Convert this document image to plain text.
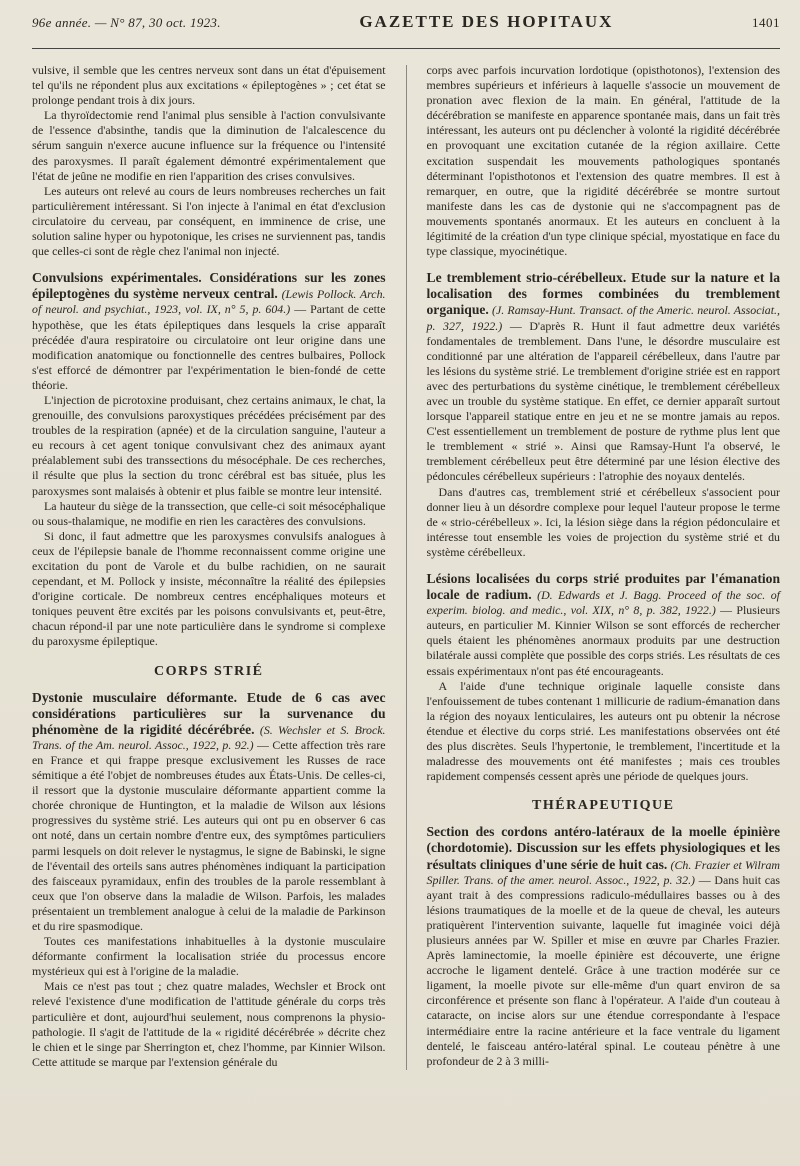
96e année. — N° 87, 30 oct. 1923.	GAZETTE DES HOPITAUX	1401

vulsive, il semble que les centres nerveux sont dans un état d'épuisement tel qu'ils ne répondent plus aux excitations « épileptogènes » ; cet état se prolonge pendant trois à dix jours.

La thyroïdectomie rend l'animal plus sensible à l'action convulsivante de l'essence d'absinthe, tandis que la diminution de l'alcalescence du sérum sanguin n'exerce aucune influence sur la fréquence ou l'intensité des paroxysmes. Il paraît également démontré expérimentalement que l'état de jeûne ne modifie en rien l'apparition des crises convulsives.

Les auteurs ont relevé au cours de leurs nombreuses recherches un fait particulièrement intéressant. Si l'on injecte à l'animal en état d'exclusion circulatoire du cerveau, par conséquent, en imminence de crise, une solution saline hyper ou hypotonique, les crises ne surviennent pas, tandis que celles-ci sont de règle chez l'animal non injecté.

Convulsions expérimentales. Considérations sur les zones épileptogènes du système nerveux central. (Lewis Pollock. Arch. of neurol. and psychiat., 1923, vol. IX, n° 5, p. 604.) — Partant de cette hypothèse, que les états épileptiques dans lesquels la crise apparaît précédée d'aura respiratoire ou circulatoire ont leur origine dans une modification anatomique ou fonctionnelle des centres bulbaires, Pollock s'est efforcé de démontrer par l'expérimentation le bien-fondé de cette théorie.

L'injection de picrotoxine produisant, chez certains animaux, le chat, la grenouille, des convulsions paroxystiques précédées précisément par des troubles de la respiration (apnée) et de la circulation sanguine, l'auteur a eu recours à cet agent tonique convulsivant chez des animaux ayant préalablement subi des transsections du mésocéphale. De ces recherches, il résulte que plus la section du tronc cérébral est bas située, plus les paroxysmes sont malaisés à obtenir et plus faible se montre leur intensité.

La hauteur du siège de la transsection, que celle-ci soit mésocéphalique ou sous-thalamique, ne modifie en rien les caractères des convulsions.

Si donc, il faut admettre que les paroxysmes convulsifs analogues à ceux de l'épilepsie banale de l'homme reconnaissent comme origine une excitation du pont de Varole et du bulbe rachidien, on ne saurait cependant, et M. Pollock y insiste, méconnaître la réalité des épilepsies d'origine corticale. De nombreux centres encéphaliques moteurs et toniques peuvent être excités par les poisons convulsivants et, peut-être, chacun répond-il par une note particulière dans le syndrome si complexe du paroxysme épileptique.

CORPS STRIÉ

Dystonie musculaire déformante. Etude de 6 cas avec considérations particulières sur la survenance du phénomène de la rigidité décérébrée. (S. Wechsler et S. Brock. Trans. of the Am. neurol. Assoc., 1922, p. 92.) — Cette affection très rare en France et qui frappe presque exclusivement les Russes de race sémitique a été l'objet de nombreuses études aux États-Unis. De celles-ci, il ressort que la dystonie musculaire déformante appartient comme la chorée chronique de Huntington, et la maladie de Wilson aux lésions progressives du système strié. Les auteurs qui ont pu en observer 6 cas ont noté, dans un certain nombre d'entre eux, des symptômes particuliers parmi lesquels on doit relever le nystagmus, le signe de Babinski, le signe de l'éventail des orteils sans autres phénomènes indiquant la participation des faisceaux pyramidaux, enfin des troubles de la parole ressemblant à ceux que l'on observe dans la maladie de Wilson. Parfois, les malades présentaient un tremblement analogue à celui de la maladie de Parkinson et du rire spasmodique.

Toutes ces manifestations inhabituelles à la dystonie musculaire déformante confirment la localisation striée du processus encore mystérieux qui est à l'origine de la maladie.

Mais ce n'est pas tout ; chez quatre malades, Wechsler et Brock ont relevé l'existence d'une modification de l'attitude générale du corps très particulière et dont, aujourd'hui seulement, nous comprenons la physio-pathologie. Il s'agit de l'attitude de la « rigidité décérébrée » décrite chez le chien et le singe par Sherrington et, chez l'homme, par Kinnier Wilson. Cette attitude se marque par l'extension générale du

corps avec parfois incurvation lordotique (opisthotonos), l'extension des membres supérieurs et inférieurs à laquelle s'associe un mouvement de pronation avec flexion de la main. En général, l'attitude de la décérébration se manifeste en apparence spontanée mais, dans un fait très intéressant, les auteurs ont pu déclencher à volonté la rigidité décérébrée en provoquant une excitation cutanée de la région axillaire. Cette excitation suspendait les mouvements pathologiques spontanés déterminant l'opisthotonos et l'extension des quatre membres. Il est à remarquer, en outre, que la rigidité décérébrée se montre surtout manifeste dans les cas de dystonie qui ne s'accompagnent pas de mouvements spontanés anormaux. Et les auteurs en concluent à la légitimité de la création d'un type clinique spécial, myostatique en face du type classique, myocinétique.

Le tremblement strio-cérébelleux. Etude sur la nature et la localisation des formes combinées du tremblement organique. (J. Ramsay-Hunt. Transact. of the Americ. neurol. Associat., p. 327, 1922.) — D'après R. Hunt il faut admettre deux variétés fondamentales de tremblement. Dans l'une, le désordre musculaire est conditionné par une altération de l'appareil cérébelleux, dans l'autre par les lésions du système strié. Le tremblement d'origine striée est en rapport avec des perturbations du système cinétique, le tremblement cérébelleux avec un trouble du système statique. En effet, ce dernier apparaît surtout lorsque l'appareil statique entre en jeu et ne se montre jamais au repos. C'est essentiellement un tremblement de posture de rythme plus lent que le tremblement « strié ». Ainsi que Ramsay-Hunt l'a observé, le tremblement cérébelleux peut être déterminé par une lésion élective des pédoncules cérébelleux supérieurs : l'atrophie des noyaux dentelés.

Dans d'autres cas, tremblement strié et cérébelleux s'associent pour donner lieu à un désordre complexe pour lequel l'auteur propose le terme de « strio-cérébelleux ». Ici, la lésion siège dans la région pédonculaire et intéresse tout ensemble les voies de projection du système strié et du système cérébelleux.

Lésions localisées du corps strié produites par l'émanation locale de radium. (D. Edwards et J. Bagg. Proceed of the soc. of experim. biolog. and medic., vol. XIX, n° 8, p. 382, 1922.) — Plusieurs auteurs, en particulier M. Kinnier Wilson se sont efforcés de rechercher quels étaient les phénomènes anormaux produits par une destruction bilatérale aussi complète que possible des corps striés. Les résultats de ces essais expérimentaux n'ont pas été encourageants.

A l'aide d'une technique originale laquelle consiste dans l'enfouissement de tubes contenant 1 millicurie de radium-émanation dans la région des noyaux lenticulaires, les auteurs ont pu obtenir la nécrose étendue et élective du corps strié. Les manifestations observées ont été des plus discrètes. Seuls l'hypertonie, le tremblement, l'incertitude et la maladresse des mouvements ont été manifestes ; mais ces troubles rapidement compensés cessent après une période de quelques jours.

THÉRAPEUTIQUE

Section des cordons antéro-latéraux de la moelle épinière (chordotomie). Discussion sur les effets physiologiques et les résultats cliniques d'une série de huit cas. (Ch. Frazier et Wilram Spiller. Trans. of the amer. neurol. Assoc., 1922, p. 32.) — Dans huit cas ayant trait à des compressions radiculo-médullaires basses ou à des lésions traumatiques de la moelle et de la queue de cheval, les auteurs pratiquèrent l'intervention suivante, laquelle fut imaginée voici déjà plusieurs années par W. Spiller et mise en œuvre par Charles Frazier. Après laminectomie, la moelle épinière est découverte, une érigne accroche le ligament dentelé. Grâce à une traction modérée sur ce ligament, la moelle pivote sur elle-même d'un quart environ de sa circonférence et présente son flanc à l'opérateur. A l'aide d'un couteau à cataracte, on incise alors sur une étendue correspondante à l'espace intermédiaire entre la racine antérieure et la face ventrale du ligament dentelé, le faisceau antéro-latéral spinal. Le couteau pénètre à une profondeur de 2 à 3 milli-
